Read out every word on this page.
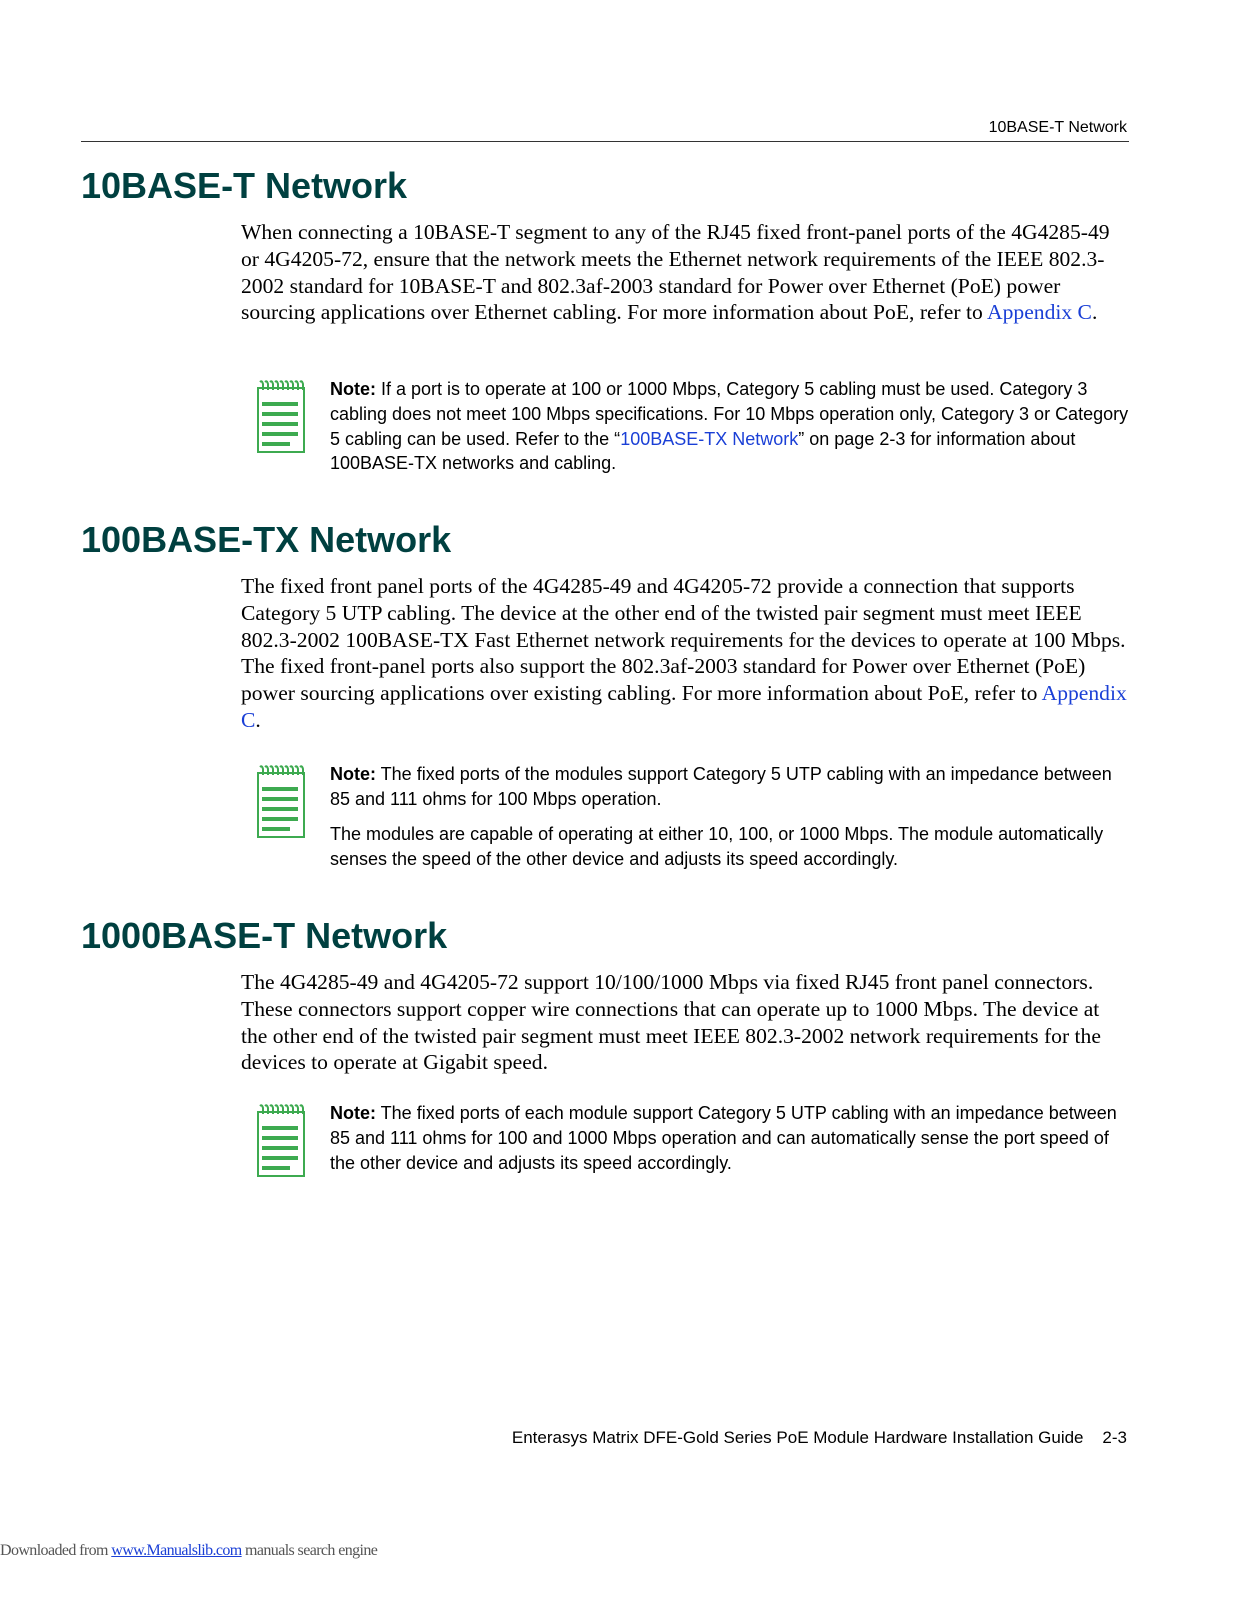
10BASE-T Network
10BASE-T Network

When connecting a 10BASE-T segment to any of the RJ45 fixed front-panel ports of the 4G4285-49 or 4G4205-72, ensure that the network meets the Ethernet network requirements of the IEEE 802.3-2002 standard for 10BASE-T and 802.3af-2003 standard for Power over Ethernet (PoE) power sourcing applications over Ethernet cabling. For more information about PoE, refer to Appendix C.

Note: If a port is to operate at 100 or 1000 Mbps, Category 5 cabling must be used. Category 3 cabling does not meet 100 Mbps specifications. For 10 Mbps operation only, Category 3 or Category 5 cabling can be used. Refer to the “100BASE-TX Network” on page 2-3 for information about 100BASE-TX networks and cabling.

100BASE-TX Network

The fixed front panel ports of the 4G4285-49 and 4G4205-72 provide a connection that supports Category 5 UTP cabling. The device at the other end of the twisted pair segment must meet IEEE 802.3-2002 100BASE-TX Fast Ethernet network requirements for the devices to operate at 100 Mbps. The fixed front-panel ports also support the 802.3af-2003 standard for Power over Ethernet (PoE) power sourcing applications over existing cabling. For more information about PoE, refer to Appendix C.

Note: The fixed ports of the modules support Category 5 UTP cabling with an impedance between 85 and 111 ohms for 100 Mbps operation.

The modules are capable of operating at either 10, 100, or 1000 Mbps. The module automatically senses the speed of the other device and adjusts its speed accordingly.

1000BASE-T Network

The 4G4285-49 and 4G4205-72 support 10/100/1000 Mbps via fixed RJ45 front panel connectors. These connectors support copper wire connections that can operate up to 1000 Mbps. The device at the other end of the twisted pair segment must meet IEEE 802.3-2002 network requirements for the devices to operate at Gigabit speed.

Note: The fixed ports of each module support Category 5 UTP cabling with an impedance between 85 and 111 ohms for 100 and 1000 Mbps operation and can automatically sense the port speed of the other device and adjusts its speed accordingly.

Enterasys Matrix DFE-Gold Series PoE Module Hardware Installation Guide 2-3
Downloaded from www.Manualslib.com manuals search engine
